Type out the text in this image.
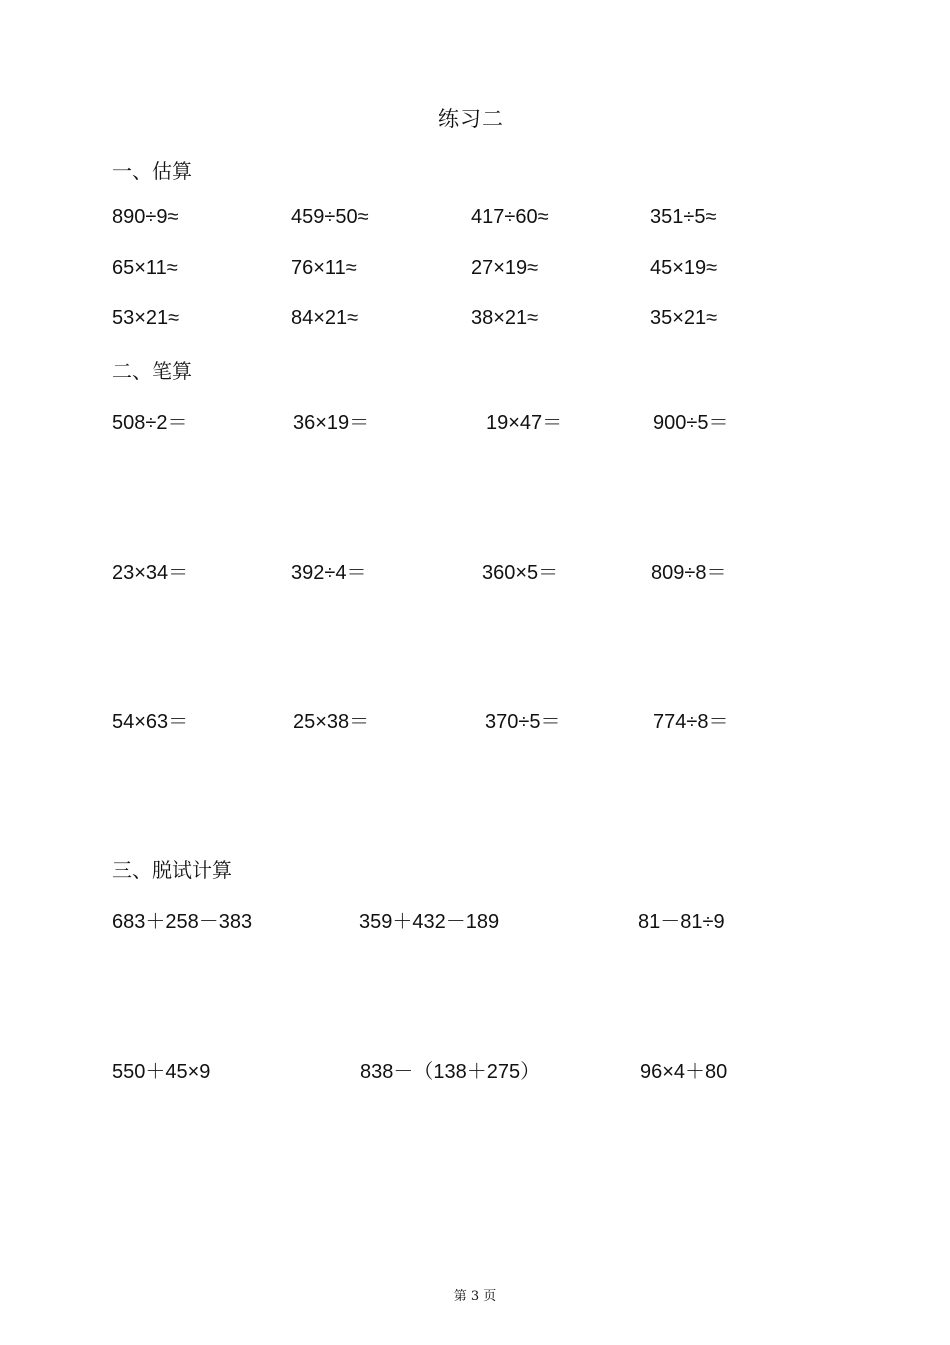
练习二
一、估算
890÷9≈	459÷50≈	417÷60≈	351÷5≈
65×11≈	76×11≈	27×19≈	45×19≈
53×21≈	84×21≈	38×21≈	35×21≈
二、笔算
508÷2＝	36×19＝	19×47＝	900÷5＝
23×34＝	392÷4＝	360×5＝	809÷8＝
54×63＝	25×38＝	370÷5＝	774÷8＝
三、脱试计算
683＋258－383	359＋432－189	81－81÷9
550＋45×9	838－（138＋275）	96×4＋80
第 3 页
